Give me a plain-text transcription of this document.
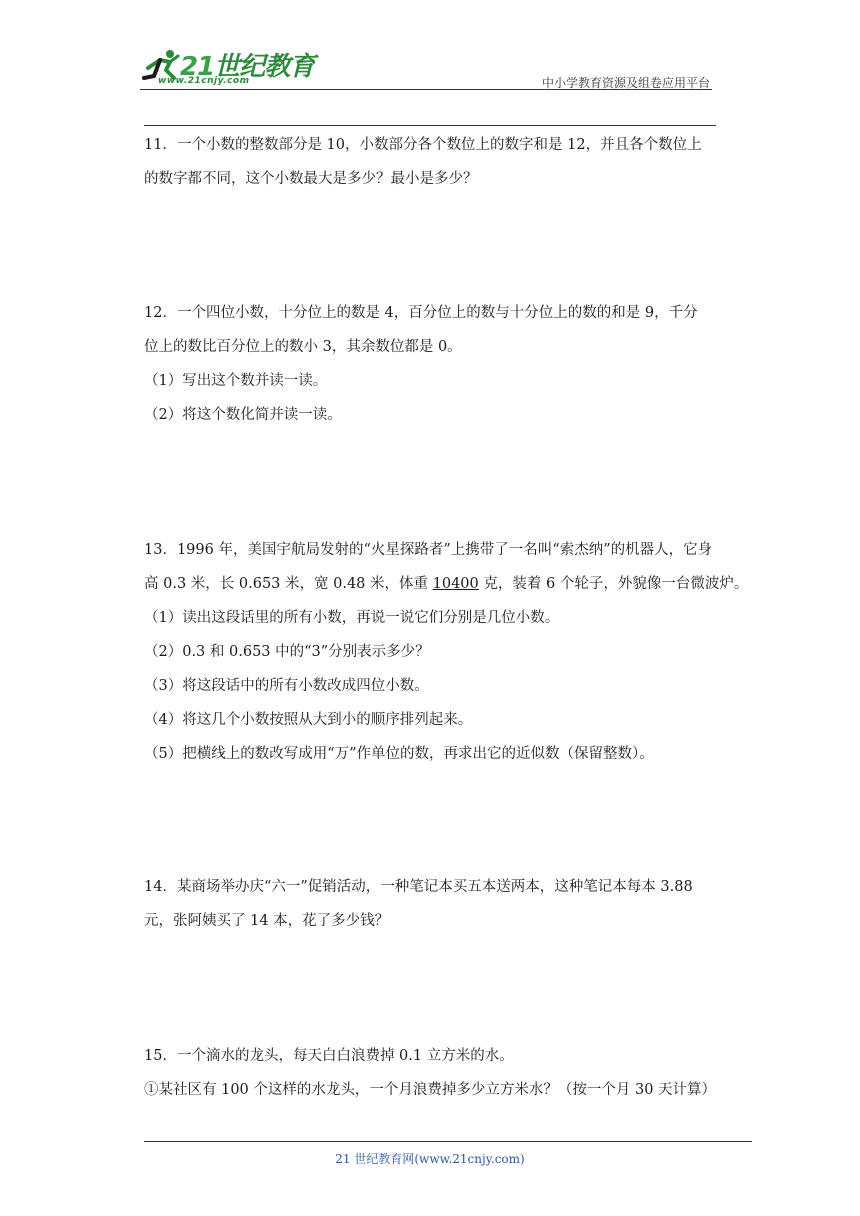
21世纪教育
www.21cnjy.com	中小学教育资源及组卷应用平台

11．一个小数的整数部分是 10，小数部分各个数位上的数字和是 12，并且各个数位上

的数字都不同，这个小数最大是多少？最小是多少？

12．一个四位小数，十分位上的数是 4，百分位上的数与十分位上的数的和是 9，千分

位上的数比百分位上的数小 3，其余数位都是 0。

（1）写出这个数并读一读。

（2）将这个数化简并读一读。

13．1996 年，美国宇航局发射的“火星探路者”上携带了一名叫“索杰纳”的机器人，它身

高 0.3 米，长 0.653 米，宽 0.48 米，体重 10400 克，装着 6 个轮子，外貌像一台微波炉。

（1）读出这段话里的所有小数，再说一说它们分别是几位小数。

（2）0.3 和 0.653 中的“3”分别表示多少？

（3）将这段话中的所有小数改成四位小数。

（4）将这几个小数按照从大到小的顺序排列起来。

（5）把横线上的数改写成用“万”作单位的数，再求出它的近似数（保留整数）。

14．某商场举办庆“六一”促销活动，一种笔记本买五本送两本，这种笔记本每本 3.88

元，张阿姨买了 14 本，花了多少钱？

15．一个滴水的龙头，每天白白浪费掉 0.1 立方米的水。

①某社区有 100 个这样的水龙头，一个月浪费掉多少立方米水？（按一个月 30 天计算）

21 世纪教育网(www.21cnjy.com)
